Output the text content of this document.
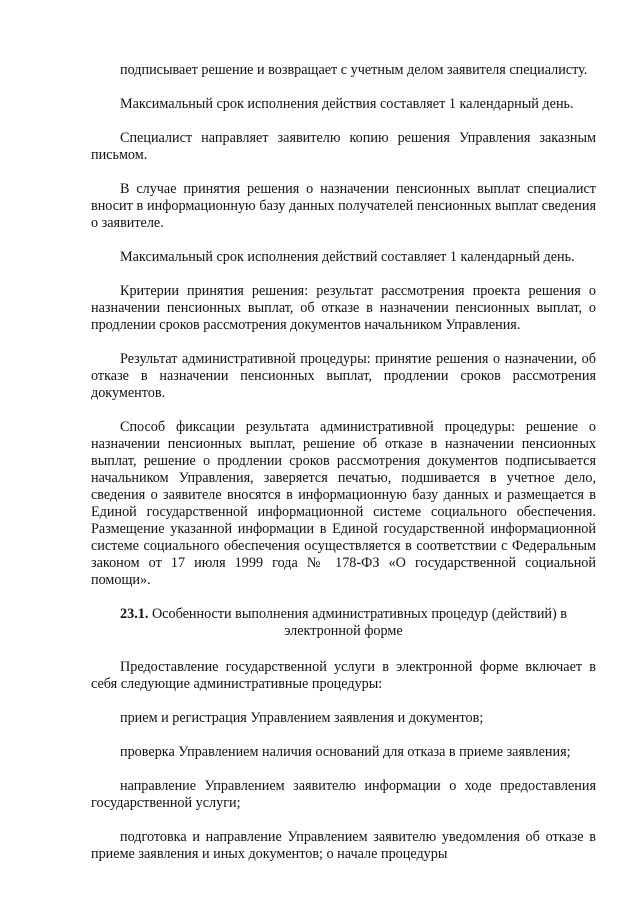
подписывает решение и возвращает с учетным делом заявителя специалисту.

Максимальный срок исполнения действия составляет 1 календарный день.

Специалист направляет заявителю копию решения Управления заказным письмом.

В случае принятия решения о назначении пенсионных выплат специалист вносит в информационную базу данных получателей пенсионных выплат сведения о заявителе.

Максимальный срок исполнения действий составляет 1 календарный день.

Критерии принятия решения: результат рассмотрения проекта решения о назначении пенсионных выплат, об отказе в назначении пенсионных выплат, о продлении сроков рассмотрения документов начальником Управления.

Результат административной процедуры: принятие решения о назначении, об отказе в назначении пенсионных выплат, продлении сроков рассмотрения документов.

Способ фиксации результата административной процедуры: решение о назначении пенсионных выплат, решение об отказе в назначении пенсионных выплат, решение о продлении сроков рассмотрения документов подписывается начальником Управления, заверяется печатью, подшивается в учетное дело, сведения о заявителе вносятся в информационную базу данных и размещается в Единой государственной информационной системе социального обеспечения. Размещение указанной информации в Единой государственной информационной системе социального обеспечения осуществляется в соответствии с Федеральным законом от 17 июля 1999 года № 178-ФЗ «О государственной социальной помощи».

23.1. Особенности выполнения административных процедур (действий) в электронной форме

Предоставление государственной услуги в электронной форме включает в себя следующие административные процедуры:

прием и регистрация Управлением заявления и документов;

проверка Управлением наличия оснований для отказа в приеме заявления;

направление Управлением заявителю информации о ходе предоставления государственной услуги;

подготовка и направление Управлением заявителю уведомления об отказе в приеме заявления и иных документов; о начале процедуры
